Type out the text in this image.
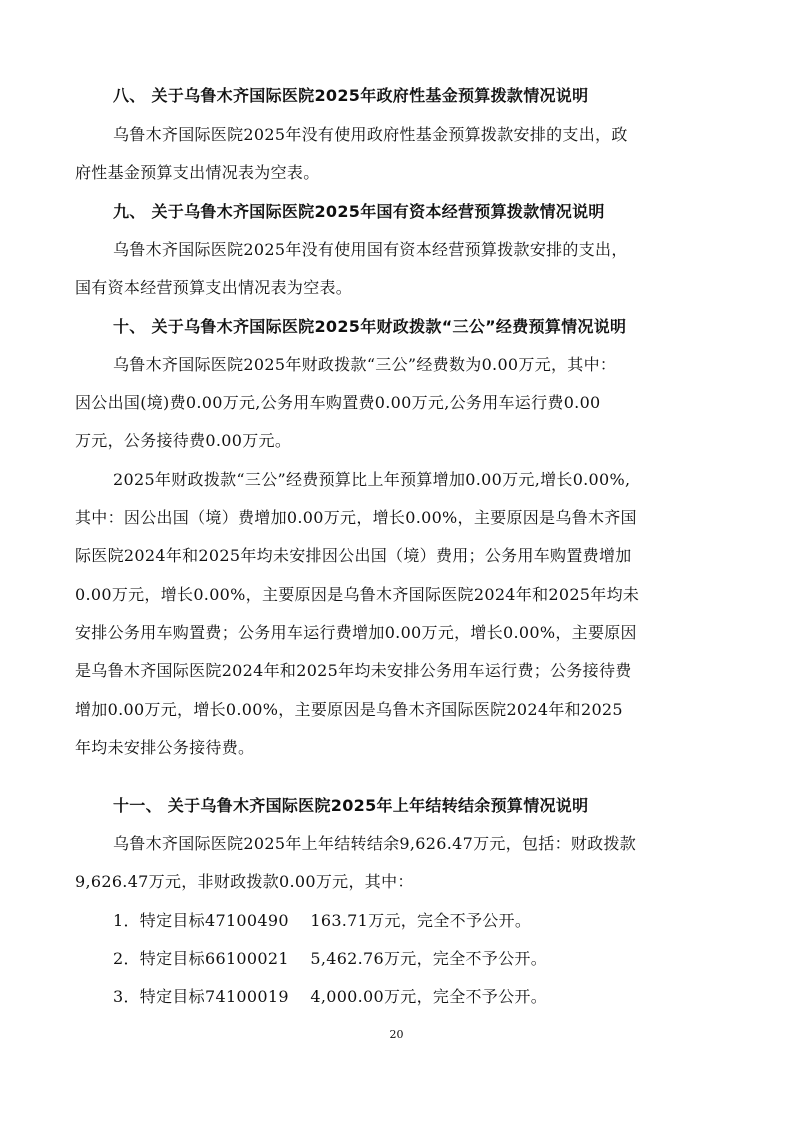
八、 关于乌鲁木齐国际医院2025年政府性基金预算拨款情况说明
乌鲁木齐国际医院2025年没有使用政府性基金预算拨款安排的支出，政
府性基金预算支出情况表为空表。
九、 关于乌鲁木齐国际医院2025年国有资本经营预算拨款情况说明
乌鲁木齐国际医院2025年没有使用国有资本经营预算拨款安排的支出，
国有资本经营预算支出情况表为空表。
十、 关于乌鲁木齐国际医院2025年财政拨款“三公”经费预算情况说明
乌鲁木齐国际医院2025年财政拨款“三公”经费数为0.00万元，其中：
因公出国(境)费0.00万元,公务用车购置费0.00万元,公务用车运行费0.00
万元，公务接待费0.00万元。
2025年财政拨款“三公”经费预算比上年预算增加0.00万元,增长0.00%,
其中：因公出国（境）费增加0.00万元，增长0.00%，主要原因是乌鲁木齐国
际医院2024年和2025年均未安排因公出国（境）费用；公务用车购置费增加
0.00万元，增长0.00%，主要原因是乌鲁木齐国际医院2024年和2025年均未
安排公务用车购置费；公务用车运行费增加0.00万元，增长0.00%，主要原因
是乌鲁木齐国际医院2024年和2025年均未安排公务用车运行费；公务接待费
增加0.00万元，增长0.00%，主要原因是乌鲁木齐国际医院2024年和2025
年均未安排公务接待费。
十一、 关于乌鲁木齐国际医院2025年上年结转结余预算情况说明
乌鲁木齐国际医院2025年上年结转结余9,626.47万元，包括：财政拨款
9,626.47万元，非财政拨款0.00万元，其中：
1．特定目标47100490    163.71万元，完全不予公开。
2．特定目标66100021    5,462.76万元，完全不予公开。
3．特定目标74100019    4,000.00万元，完全不予公开。
20
